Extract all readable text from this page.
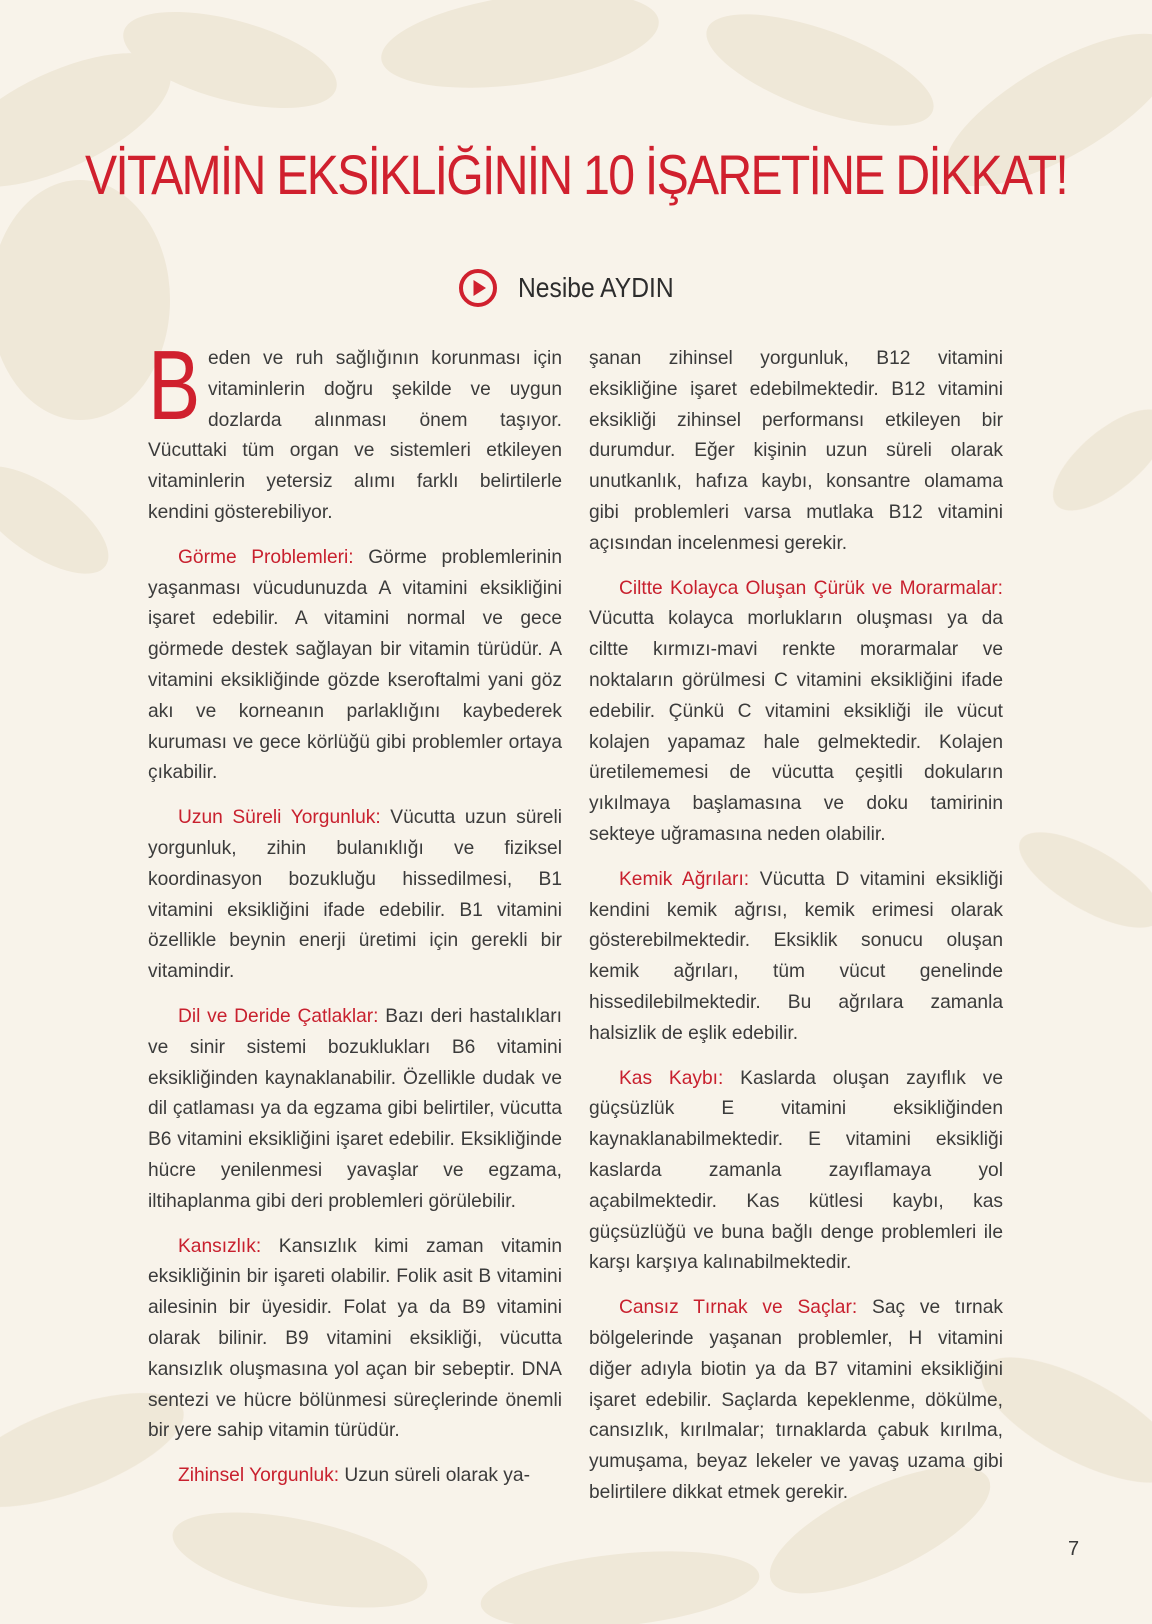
VİTAMİN EKSİKLİĞİNİN 10 İŞARETİNE DİKKAT!
Nesibe AYDIN

Beden ve ruh sağlığının korunması için vitaminlerin doğru şekilde ve uygun dozlarda alınması önem taşıyor. Vücuttaki tüm organ ve sistemleri etkileyen vitaminlerin yetersiz alımı farklı belirtilerle kendini gösterebiliyor.

Görme Problemleri: Görme problemlerinin yaşanması vücudunuzda A vitamini eksikliğini işaret edebilir. A vitamini normal ve gece görmede destek sağlayan bir vitamin türüdür. A vitamini eksikliğinde gözde kseroftalmi yani göz akı ve korneanın parlaklığını kaybederek kuruması ve gece körlüğü gibi problemler ortaya çıkabilir.

Uzun Süreli Yorgunluk: Vücutta uzun süreli yorgunluk, zihin bulanıklığı ve fiziksel koordinasyon bozukluğu hissedilmesi, B1 vitamini eksikliğini ifade edebilir. B1 vitamini özellikle beynin enerji üretimi için gerekli bir vitamindir.

Dil ve Deride Çatlaklar: Bazı deri hastalıkları ve sinir sistemi bozuklukları B6 vitamini eksikliğinden kaynaklanabilir. Özellikle dudak ve dil çatlaması ya da egzama gibi belirtiler, vücutta B6 vitamini eksikliğini işaret edebilir. Eksikliğinde hücre yenilenmesi yavaşlar ve egzama, iltihaplanma gibi deri problemleri görülebilir.

Kansızlık: Kansızlık kimi zaman vitamin eksikliğinin bir işareti olabilir. Folik asit B vitamini ailesinin bir üyesidir. Folat ya da B9 vitamini olarak bilinir. B9 vitamini eksikliği, vücutta kansızlık oluşmasına yol açan bir sebeptir. DNA sentezi ve hücre bölünmesi süreçlerinde önemli bir yere sahip vitamin türüdür.

Zihinsel Yorgunluk: Uzun süreli olarak ya-

şanan zihinsel yorgunluk, B12 vitamini eksikliğine işaret edebilmektedir. B12 vitamini eksikliği zihinsel performansı etkileyen bir durumdur. Eğer kişinin uzun süreli olarak unutkanlık, hafıza kaybı, konsantre olamama gibi problemleri varsa mutlaka B12 vitamini açısından incelenmesi gerekir.

Ciltte Kolayca Oluşan Çürük ve Morarmalar: Vücutta kolayca morlukların oluşması ya da ciltte kırmızı-mavi renkte morarmalar ve noktaların görülmesi C vitamini eksikliğini ifade edebilir. Çünkü C vitamini eksikliği ile vücut kolajen yapamaz hale gelmektedir. Kolajen üretilememesi de vücutta çeşitli dokuların yıkılmaya başlamasına ve doku tamirinin sekteye uğramasına neden olabilir.

Kemik Ağrıları: Vücutta D vitamini eksikliği kendini kemik ağrısı, kemik erimesi olarak gösterebilmektedir. Eksiklik sonucu oluşan kemik ağrıları, tüm vücut genelinde hissedilebilmektedir. Bu ağrılara zamanla halsizlik de eşlik edebilir.

Kas Kaybı: Kaslarda oluşan zayıflık ve güçsüzlük E vitamini eksikliğinden kaynaklanabilmektedir. E vitamini eksikliği kaslarda zamanla zayıflamaya yol açabilmektedir. Kas kütlesi kaybı, kas güçsüzlüğü ve buna bağlı denge problemleri ile karşı karşıya kalınabilmektedir.

Cansız Tırnak ve Saçlar: Saç ve tırnak bölgelerinde yaşanan problemler, H vitamini diğer adıyla biotin ya da B7 vitamini eksikliğini işaret edebilir. Saçlarda kepeklenme, dökülme, cansızlık, kırılmalar; tırnaklarda çabuk kırılma, yumuşama, beyaz lekeler ve yavaş uzama gibi belirtilere dikkat etmek gerekir.

7
